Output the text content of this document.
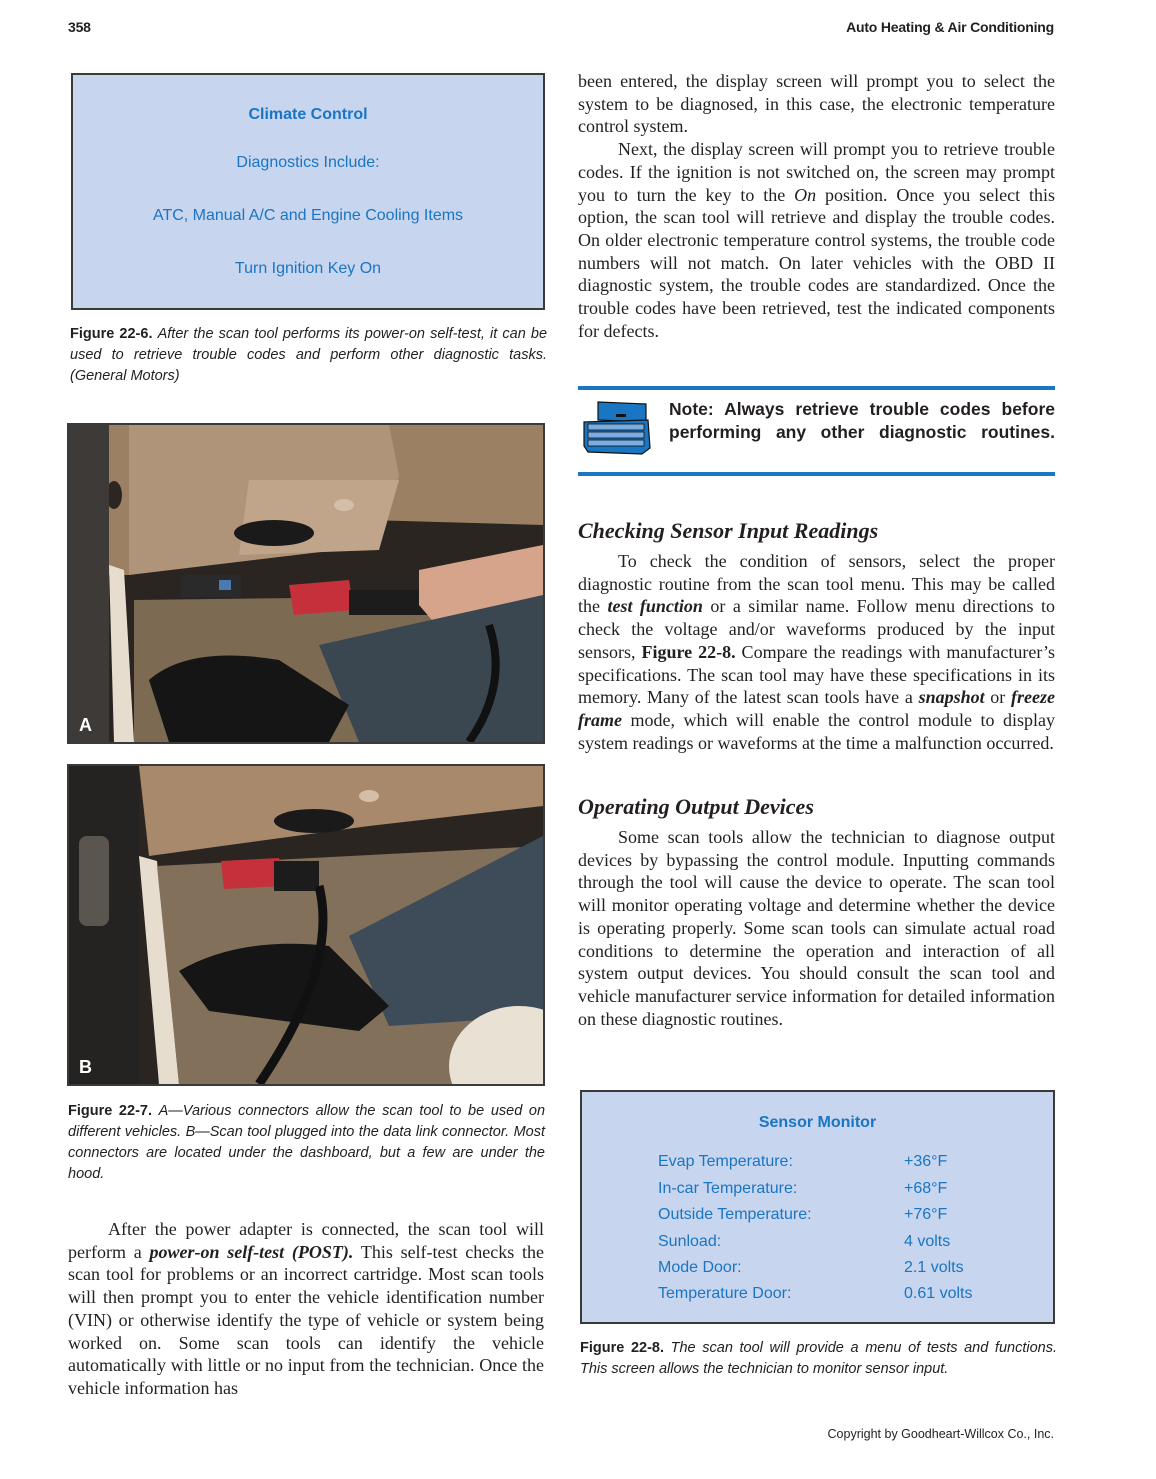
358	Auto Heating & Air Conditioning
Climate Control
Diagnostics Include:
ATC, Manual A/C and Engine Cooling Items
Turn Ignition Key On
Figure 22-6. After the scan tool performs its power-on self-test, it can be used to retrieve trouble codes and perform other diagnostic tasks. (General Motors)
A
B
Figure 22-7. A—Various connectors allow the scan tool to be used on different vehicles. B—Scan tool plugged into the data link connector. Most connectors are located under the dashboard, but a few are under the hood.

After the power adapter is connected, the scan tool will perform a power-on self-test (POST). This self-test checks the scan tool for problems or an incorrect cartridge. Most scan tools will then prompt you to enter the vehicle identification number (VIN) or otherwise identify the type of vehicle or system being worked on. Some scan tools can identify the vehicle automatically with little or no input from the technician. Once the vehicle information has

been entered, the display screen will prompt you to select the system to be diagnosed, in this case, the electronic temperature control system.

Next, the display screen will prompt you to retrieve trouble codes. If the ignition is not switched on, the screen may prompt you to turn the key to the On position. Once you select this option, the scan tool will retrieve and display the trouble codes. On older electronic temperature control systems, the trouble code numbers will not match. On later vehicles with the OBD II diagnostic system, the trouble codes are standardized. Once the trouble codes have been retrieved, test the indicated components for defects.

Note: Always retrieve trouble codes before performing any other diagnostic routines.
Checking Sensor Input Readings

To check the condition of sensors, select the proper diagnostic routine from the scan tool menu. This may be called the test function or a similar name. Follow menu directions to check the voltage and/or waveforms produced by the input sensors, Figure 22-8. Compare the readings with manufacturer’s specifications. The scan tool may have these specifications in its memory. Many of the latest scan tools have a snapshot or freeze frame mode, which will enable the control module to display system readings or waveforms at the time a malfunction occurred.

Operating Output Devices

Some scan tools allow the technician to diagnose output devices by bypassing the control module. Inputting commands through the tool will cause the device to operate. The scan tool will monitor operating voltage and determine whether the device is operating properly. Some scan tools can simulate actual road conditions to determine the operation and interaction of all system output devices. You should consult the scan tool and vehicle manufacturer service information for detailed information on these diagnostic routines.

Sensor Monitor
Evap Temperature:	+36°F
In-car Temperature:	+68°F
Outside Temperature:	+76°F
Sunload:	4 volts
Mode Door:	2.1 volts
Temperature Door:	0.61 volts
Figure 22-8. The scan tool will provide a menu of tests and functions. This screen allows the technician to monitor sensor input.
Copyright by Goodheart-Willcox Co., Inc.
